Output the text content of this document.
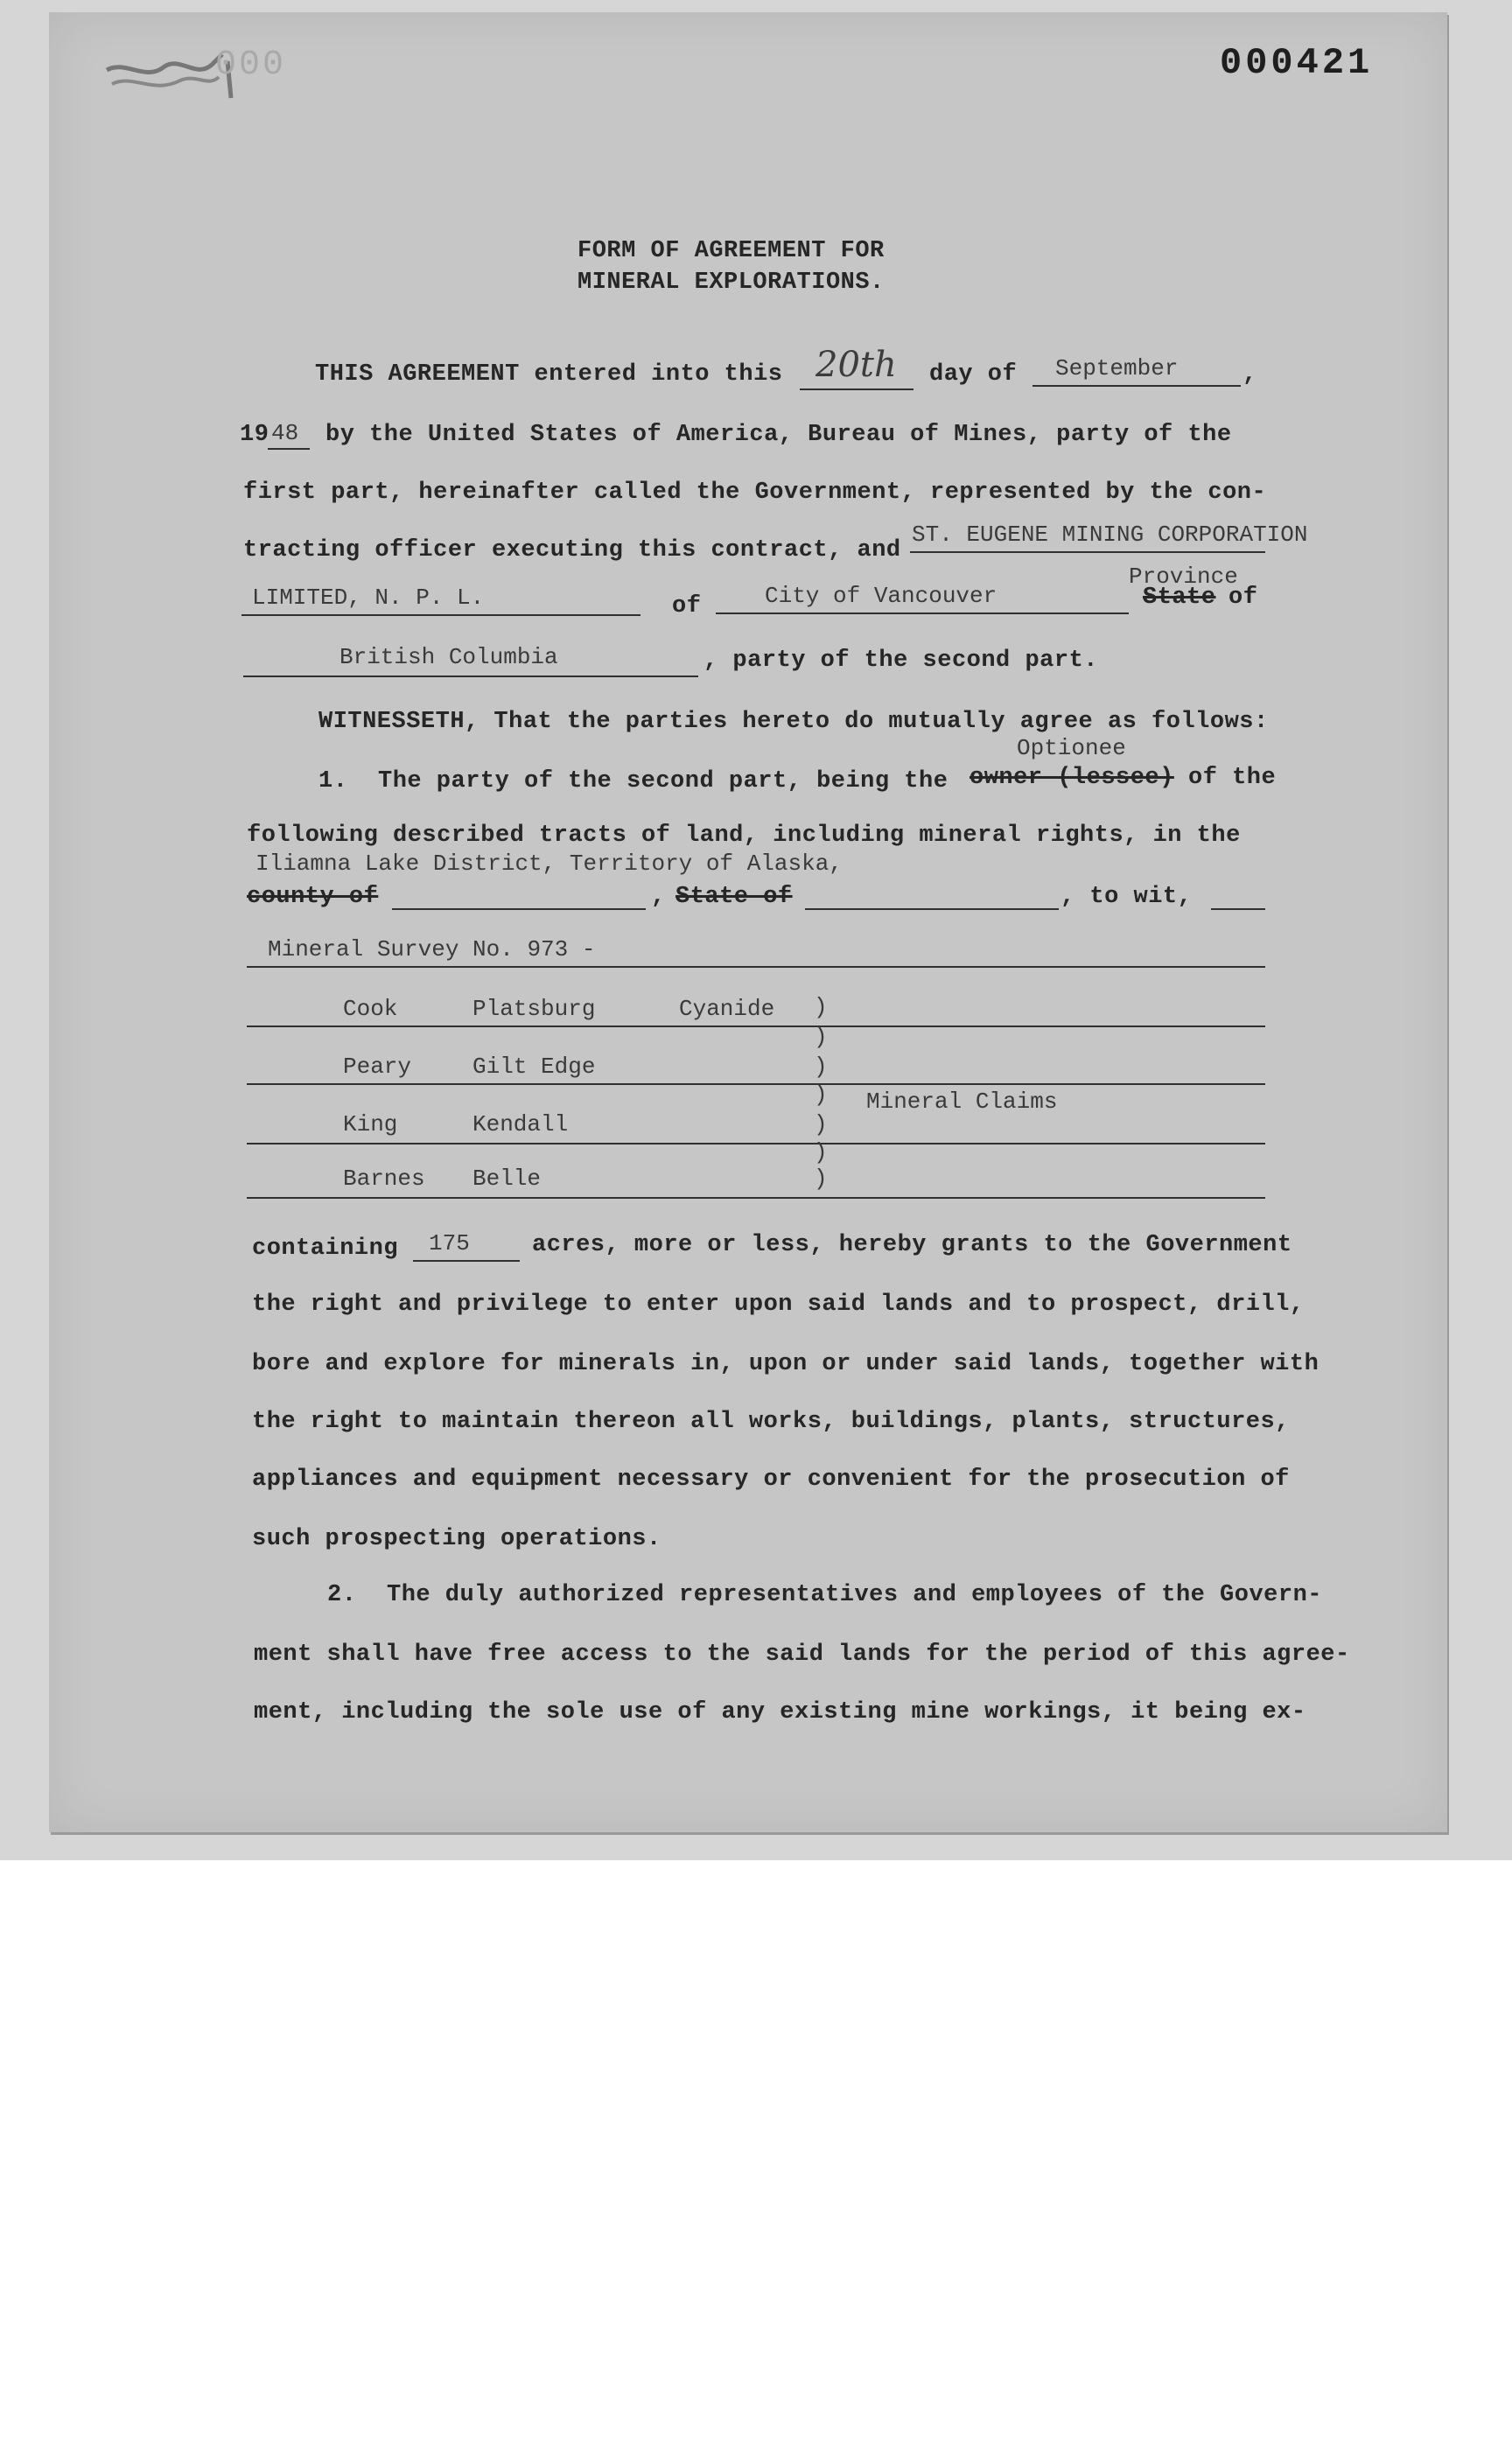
000	000421
FORM OF AGREEMENT FOR
MINERAL EXPLORATIONS.
THIS AGREEMENT entered into this 20th day of September	,
19 48 by the United States of America, Bureau of Mines, party of the
first part, hereinafter called the Government, represented by the con-
tracting officer executing this contract, and
ST. EUGENE MINING CORPORATION
LIMITED, N. P. L.	of	City of Vancouver
Province
State of
British Columbia	, party of the second part.
WITNESSETH, That the parties hereto do mutually agree as follows:
1. The party of the second part, being the
Optionee
owner (lessee) of the
following described tracts of land, including mineral rights, in the
Iliamna Lake District, Territory of Alaska,
county of	, State of	, to wit,
Mineral Survey No. 973 -
Cook	Platsburg	Cyanide )
)
Peary	Gilt Edge	)
) Mineral Claims
King	Kendall	)
)
Barnes Belle	)
containing 175	acres, more or less, hereby grants to the Government
the right and privilege to enter upon said lands and to prospect, drill,
bore and explore for minerals in, upon or under said lands, together with
the right to maintain thereon all works, buildings, plants, structures,
appliances and equipment necessary or convenient for the prosecution of
such prospecting operations.
2. The duly authorized representatives and employees of the Govern-
ment shall have free access to the said lands for the period of this agree-
ment, including the sole use of any existing mine workings, it being ex-
